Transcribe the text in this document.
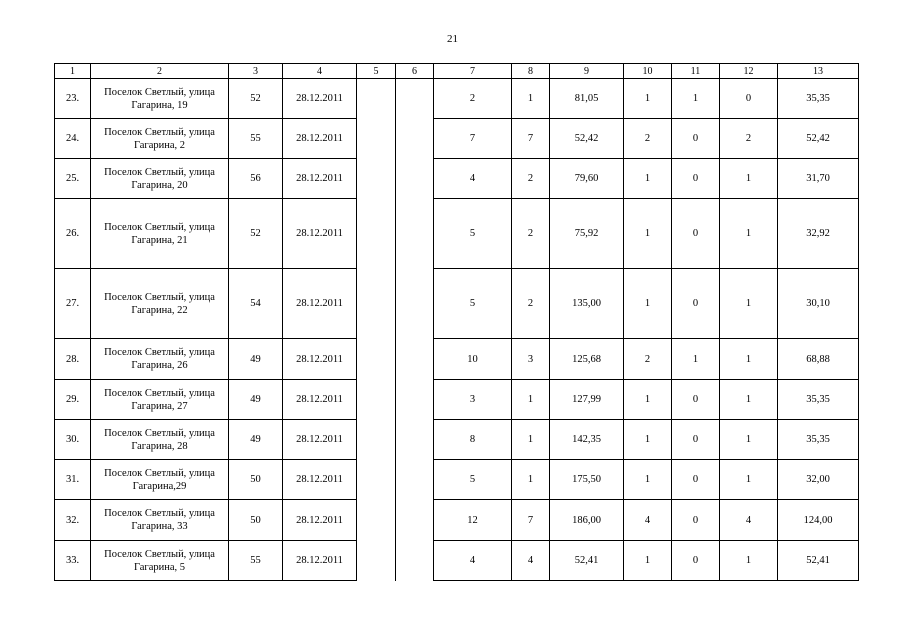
21
1	2	3	4	5	6	7	8	9	10	11	12	13
23.	Поселок Светлый, улица Гагарина, 19	52	28.12.2011			2	1	81,05	1	1	0	35,35
24.	Поселок Светлый, улица Гагарина, 2	55	28.12.2011			7	7	52,42	2	0	2	52,42
25.	Поселок Светлый, улица Гагарина, 20	56	28.12.2011			4	2	79,60	1	0	1	31,70
26.	Поселок Светлый, улица Гагарина, 21	52	28.12.2011			5	2	75,92	1	0	1	32,92
27.	Поселок Светлый, улица Гагарина, 22	54	28.12.2011			5	2	135,00	1	0	1	30,10
28.	Поселок Светлый, улица Гагарина, 26	49	28.12.2011			10	3	125,68	2	1	1	68,88
29.	Поселок Светлый, улица Гагарина, 27	49	28.12.2011			3	1	127,99	1	0	1	35,35
30.	Поселок Светлый, улица Гагарина, 28	49	28.12.2011			8	1	142,35	1	0	1	35,35
31.	Поселок Светлый, улица Гагарина,29	50	28.12.2011			5	1	175,50	1	0	1	32,00
32.	Поселок Светлый, улица Гагарина, 33	50	28.12.2011			12	7	186,00	4	0	4	124,00
33.	Поселок Светлый, улица Гагарина, 5	55	28.12.2011			4	4	52,41	1	0	1	52,41
